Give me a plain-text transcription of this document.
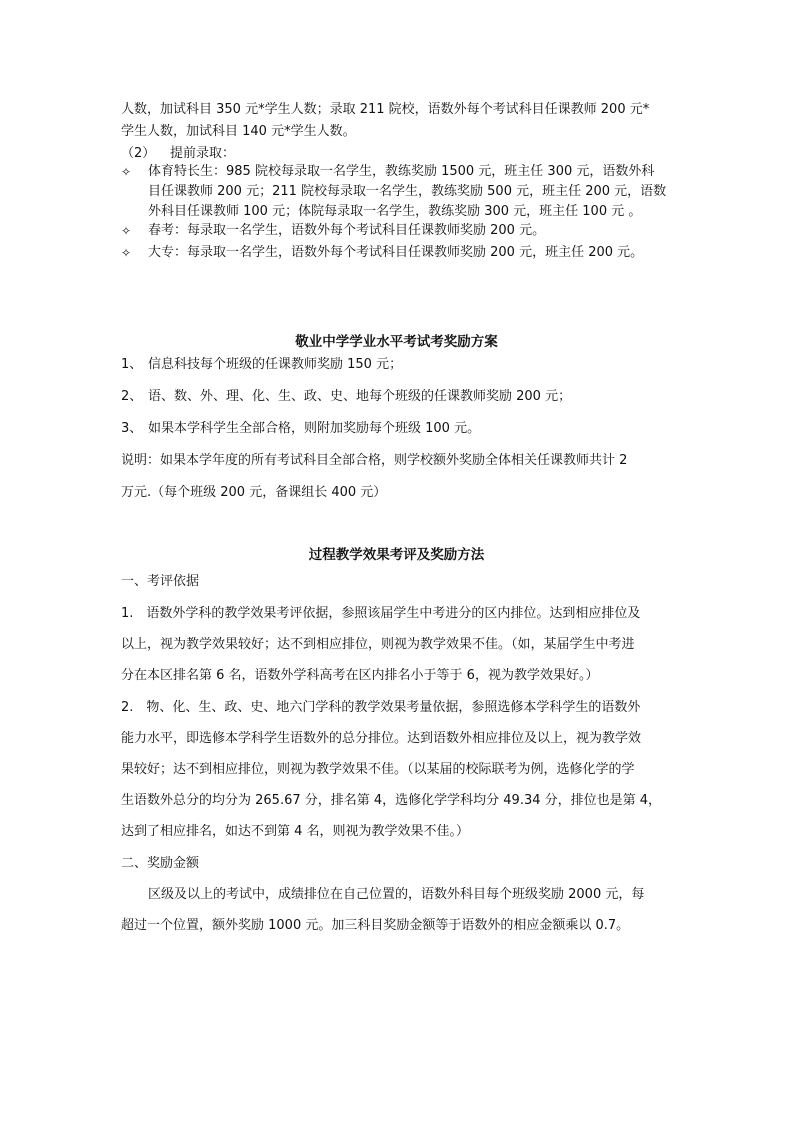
人数，加试科目 350 元*学生人数；录取 211 院校，语数外每个考试科目任课教师 200 元*
学生人数，加试科目 140 元*学生人数。
（2） 提前录取：
✧ 体育特长生：985 院校每录取一名学生，教练奖励 1500 元，班主任 300 元，语数外科
目任课教师 200 元；211 院校每录取一名学生，教练奖励 500 元，班主任 200 元，语数
外科目任课教师 100 元；体院每录取一名学生，教练奖励 300 元，班主任 100 元 。
✧ 春考：每录取一名学生，语数外每个考试科目任课教师奖励 200 元。
✧ 大专：每录取一名学生，语数外每个考试科目任课教师奖励 200 元，班主任 200 元。
敬业中学学业水平考试考奖励方案
1、 信息科技每个班级的任课教师奖励 150 元；
2、 语、数、外、理、化、生、政、史、地每个班级的任课教师奖励 200 元；
3、 如果本学科学生全部合格，则附加奖励每个班级 100 元。
说明：如果本学年度的所有考试科目全部合格，则学校额外奖励全体相关任课教师共计 2
万元.（每个班级 200 元，备课组长 400 元）
过程教学效果考评及奖励方法
一、考评依据
1.　语数外学科的教学效果考评依据，参照该届学生中考进分的区内排位。达到相应排位及
以上，视为教学效果较好；达不到相应排位，则视为教学效果不佳。（如，某届学生中考进
分在本区排名第 6 名，语数外学科高考在区内排名小于等于 6，视为教学效果好。）
2.　物、化、生、政、史、地六门学科的教学效果考量依据，参照选修本学科学生的语数外
能力水平，即选修本学科学生语数外的总分排位。达到语数外相应排位及以上，视为教学效
果较好；达不到相应排位，则视为教学效果不佳。（以某届的校际联考为例，选修化学的学
生语数外总分的均分为 265.67 分，排名第 4，选修化学学科均分 49.34 分，排位也是第 4，
达到了相应排名，如达不到第 4 名，则视为教学效果不佳。）
二、奖励金额
区级及以上的考试中，成绩排位在自己位置的，语数外科目每个班级奖励 2000 元，每
超过一个位置，额外奖励 1000 元。加三科目奖励金额等于语数外的相应金额乘以 0.7。
